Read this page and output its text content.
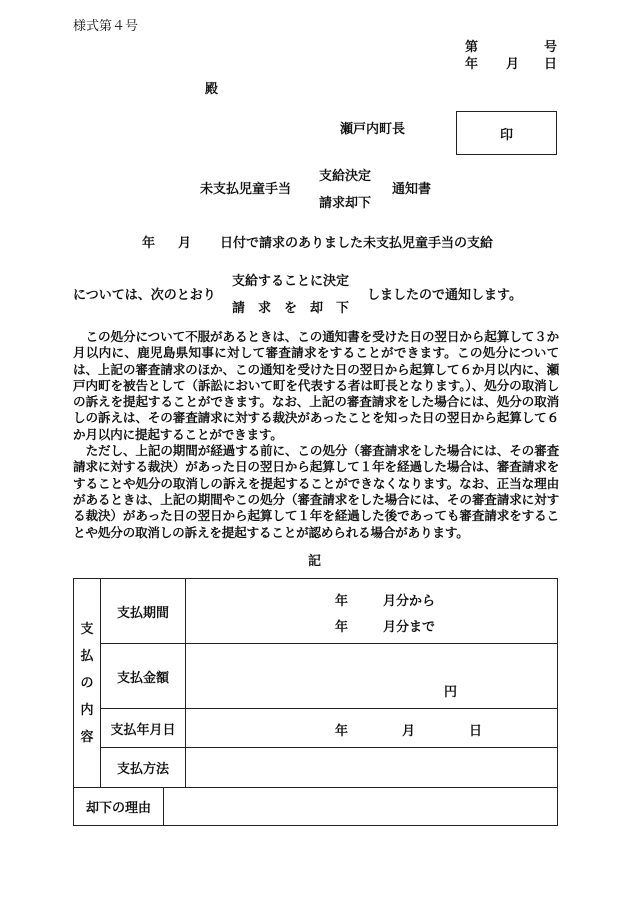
様式第４号
第	号
年 月 日
殿
瀬戸内町長	印
支給決定
未支払児童手当	通知書
請求却下
年 月 日付で請求のありました未支払児童手当の支給
支給することに決定
については、次のとおり	しましたので通知します。
請　求　を　却　下

この処分について不服があるときは、この通知書を受けた日の翌日から起算して３か月以内に、鹿児島県知事に対して審査請求をすることができます。この処分については、上記の審査請求のほか、この通知を受けた日の翌日から起算して６か月以内に、瀬戸内町を被告として（訴訟において町を代表する者は町長となります。）、処分の取消しの訴えを提起することができます。なお、上記の審査請求をした場合には、処分の取消しの訴えは、その審査請求に対する裁決があったことを知った日の翌日から起算して６か月以内に提起することができます。

ただし、上記の期間が経過する前に、この処分（審査請求をした場合には、その審査請求に対する裁決）があった日の翌日から起算して１年を経過した場合は、審査請求をすることや処分の取消しの訴えを提起することができなくなります。なお、正当な理由があるときは、上記の期間やこの処分（審査請求をした場合には、その審査請求に対する裁決）があった日の翌日から起算して１年を経過した後であっても審査請求をすることや処分の取消しの訴えを提起することが認められる場合があります。

記
支
払
の
内
容	支払期間		年 月分から
年 月分まで

	支払金額		円

	支払年月日		年 月 日

	支払方法		
却下の理由			
